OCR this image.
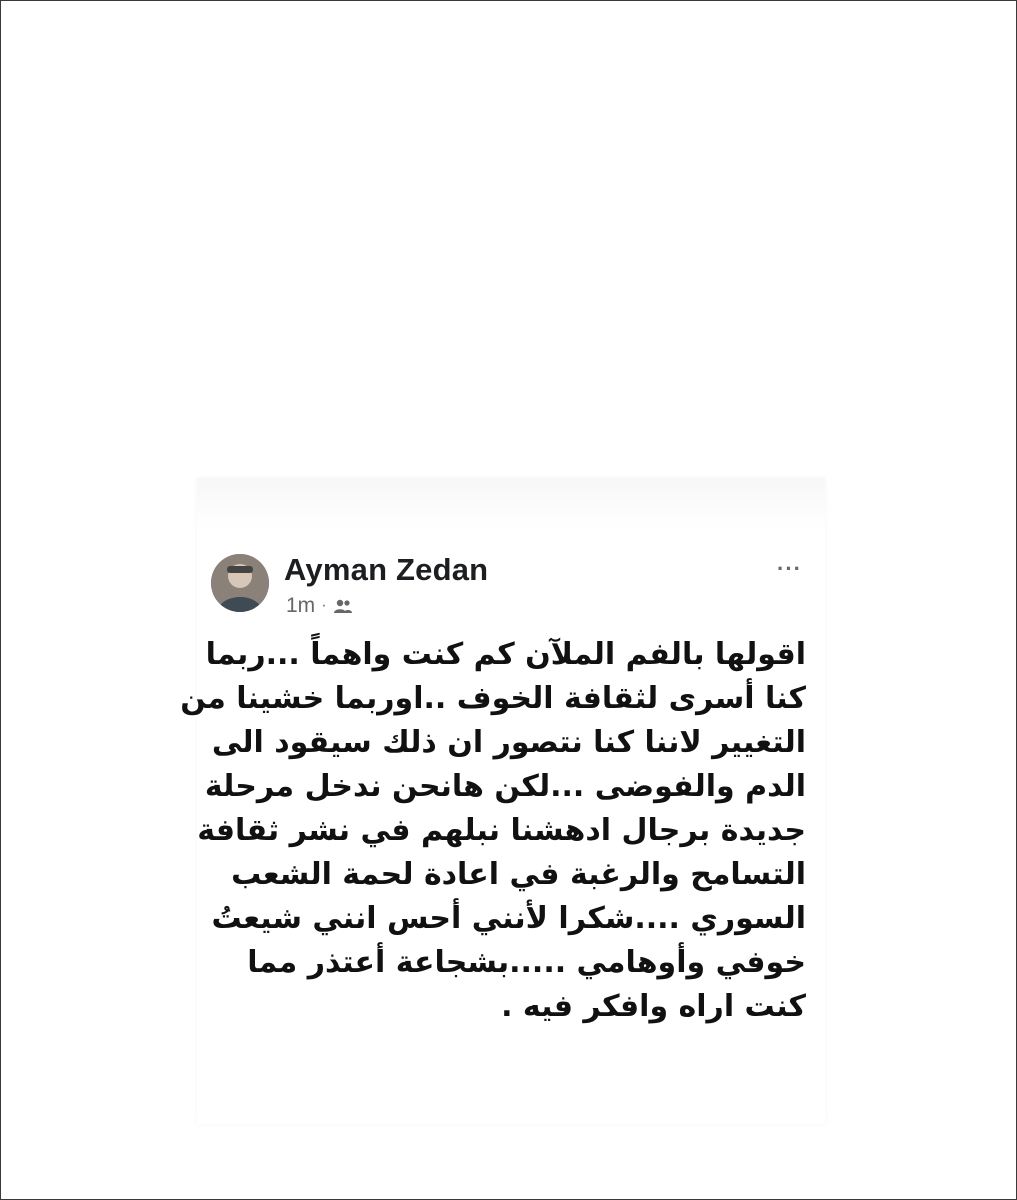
Ayman Zedan
1m ·
···

اقولها بالفم الملآن كم كنت واهماً ...ربما
كنا أسرى لثقافة الخوف ..اوربما خشينا من
التغيير لاننا كنا نتصور ان ذلك سيقود الى
الدم والفوضى ...لكن هانحن ندخل مرحلة
جديدة برجال ادهشنا نبلهم في نشر ثقافة
التسامح والرغبة في اعادة لحمة الشعب
السوري ....شكرا لأنني أحس انني شيعتُ
خوفي وأوهامي .....بشجاعة أعتذر مما
كنت اراه وافكر فيه .
